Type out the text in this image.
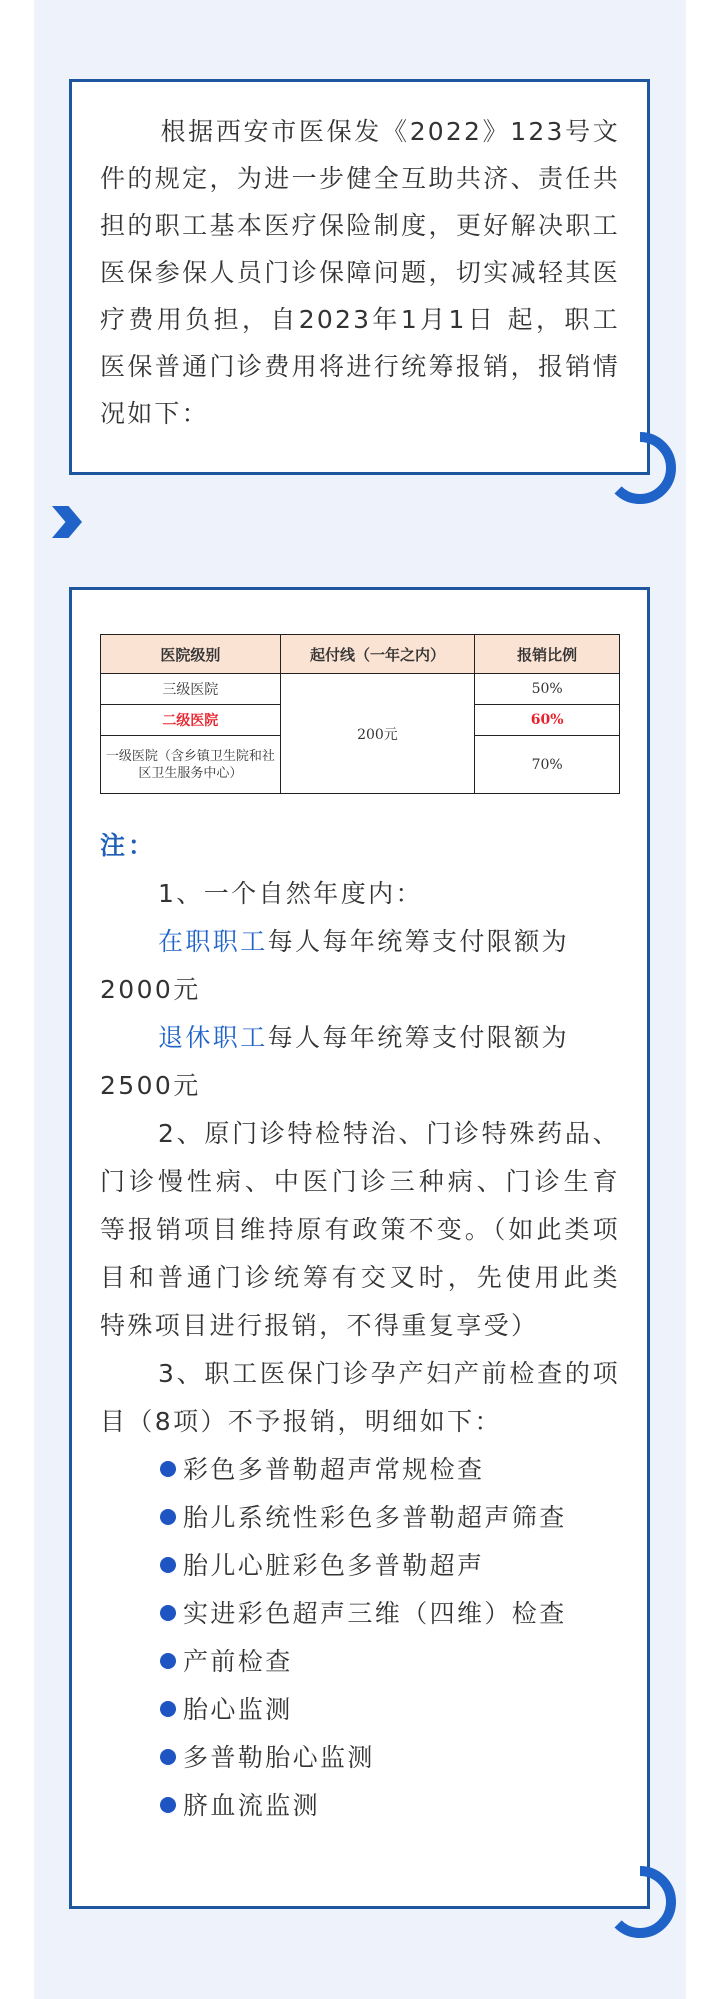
根据西安市医保发《2022》123号文件的规定，为进一步健全互助共济、责任共担的职工基本医疗保险制度，更好解决职工医保参保人员门诊保障问题，切实减轻其医疗费用负担，自2023年1月1日 起，职工医保普通门诊费用将进行统筹报销，报销情况如下：
医院级别	起付线（一年之内）	报销比例
三级医院	200元	50%
二级医院		60%
一级医院（含乡镇卫生院和社区卫生服务中心）		70%
注：
1、一个自然年度内：
在职职工每人每年统筹支付限额为
2000元
退休职工每人每年统筹支付限额为
2500元
2、原门诊特检特治、门诊特殊药品、门诊慢性病、中医门诊三种病、门诊生育等报销项目维持原有政策不变。（如此类项目和普通门诊统筹有交叉时，先使用此类特殊项目进行报销，不得重复享受）
3、职工医保门诊孕产妇产前检查的项目（8项）不予报销，明细如下：
彩色多普勒超声常规检查
胎儿系统性彩色多普勒超声筛查
胎儿心脏彩色多普勒超声
实进彩色超声三维（四维）检查
产前检查
胎心监测
多普勒胎心监测
脐血流监测
